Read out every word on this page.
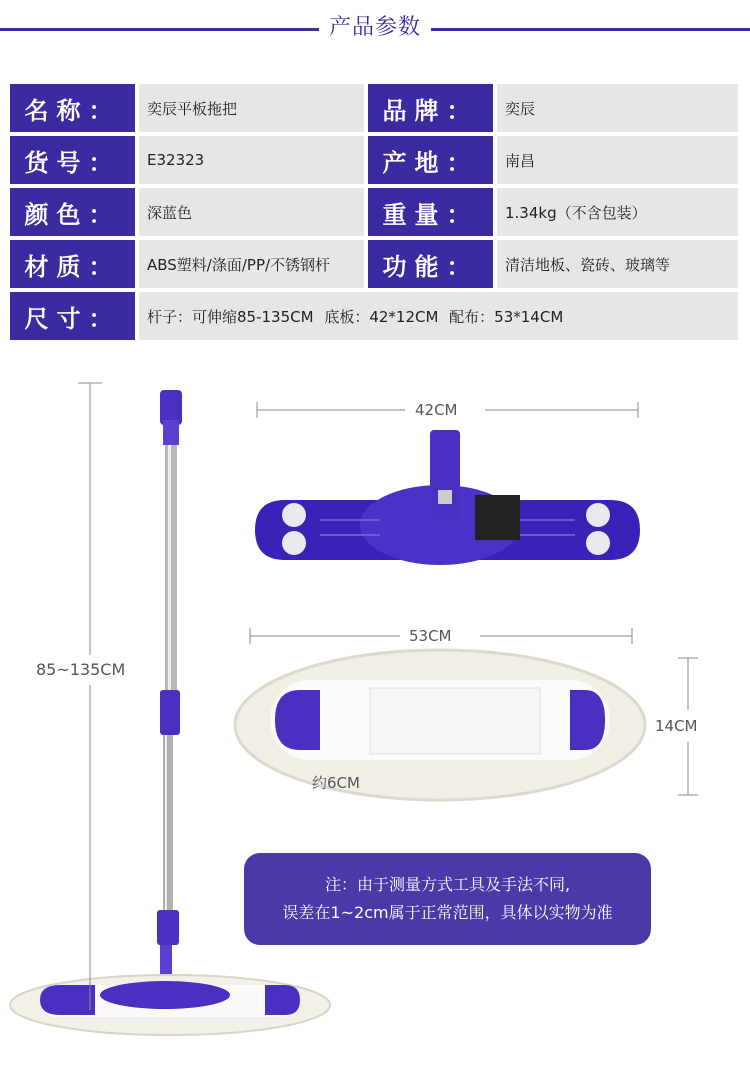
产品参数
名称：	奕辰平板拖把	品牌：	奕辰
货号：	E32323	产地：	南昌
颜色：	深蓝色	重量：	1.34kg（不含包装）
材质：	ABS塑料/涤面/PP/不锈钢杆	功能：	清洁地板、瓷砖、玻璃等
尺寸：	杆子：可伸缩85-135CM 底板：42*12CM 配布：53*14CM
85~135CM
42CM
53CM
14CM
约6CM
注：由于测量方式工具及手法不同,
误差在1~2cm属于正常范围，具体以实物为准
